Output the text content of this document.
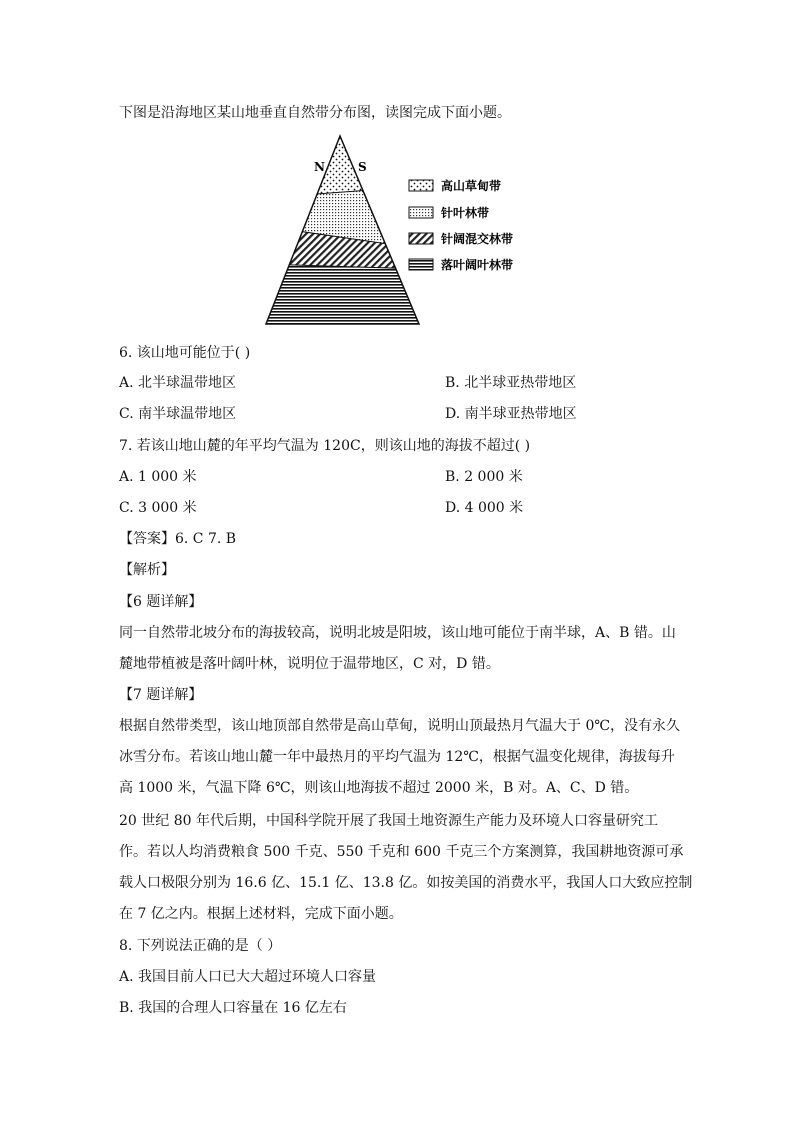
下图是沿海地区某山地垂直自然带分布图，读图完成下面小题。
N	S
高山草甸带
针叶林带
针阔混交林带
落叶阔叶林带
6. 该山地可能位于( )
A. 北半球温带地区	B. 北半球亚热带地区
C. 南半球温带地区	D. 南半球亚热带地区
7. 若该山地山麓的年平均气温为 120C，则该山地的海拔不超过( )
A. 1 000 米	B. 2 000 米
C. 3 000 米	D. 4 000 米
【答案】6. C 7. B
【解析】
【6 题详解】
同一自然带北坡分布的海拔较高，说明北坡是阳坡，该山地可能位于南半球，A、B 错。山
麓地带植被是落叶阔叶林，说明位于温带地区，C 对，D 错。
【7 题详解】
根据自然带类型，该山地顶部自然带是高山草甸，说明山顶最热月气温大于 0℃，没有永久
冰雪分布。若该山地山麓一年中最热月的平均气温为 12℃，根据气温变化规律，海拔每升
高 1000 米，气温下降 6℃，则该山地海拔不超过 2000 米，B 对。A、C、D 错。
20 世纪 80 年代后期，中国科学院开展了我国土地资源生产能力及环境人口容量研究工
作。若以人均消费粮食 500 千克、550 千克和 600 千克三个方案测算，我国耕地资源可承
载人口极限分别为 16.6 亿、15.1 亿、13.8 亿。如按美国的消费水平，我国人口大致应控制
在 7 亿之内。根据上述材料，完成下面小题。
8. 下列说法正确的是（ ）
A. 我国目前人口已大大超过环境人口容量
B. 我国的合理人口容量在 16 亿左右
